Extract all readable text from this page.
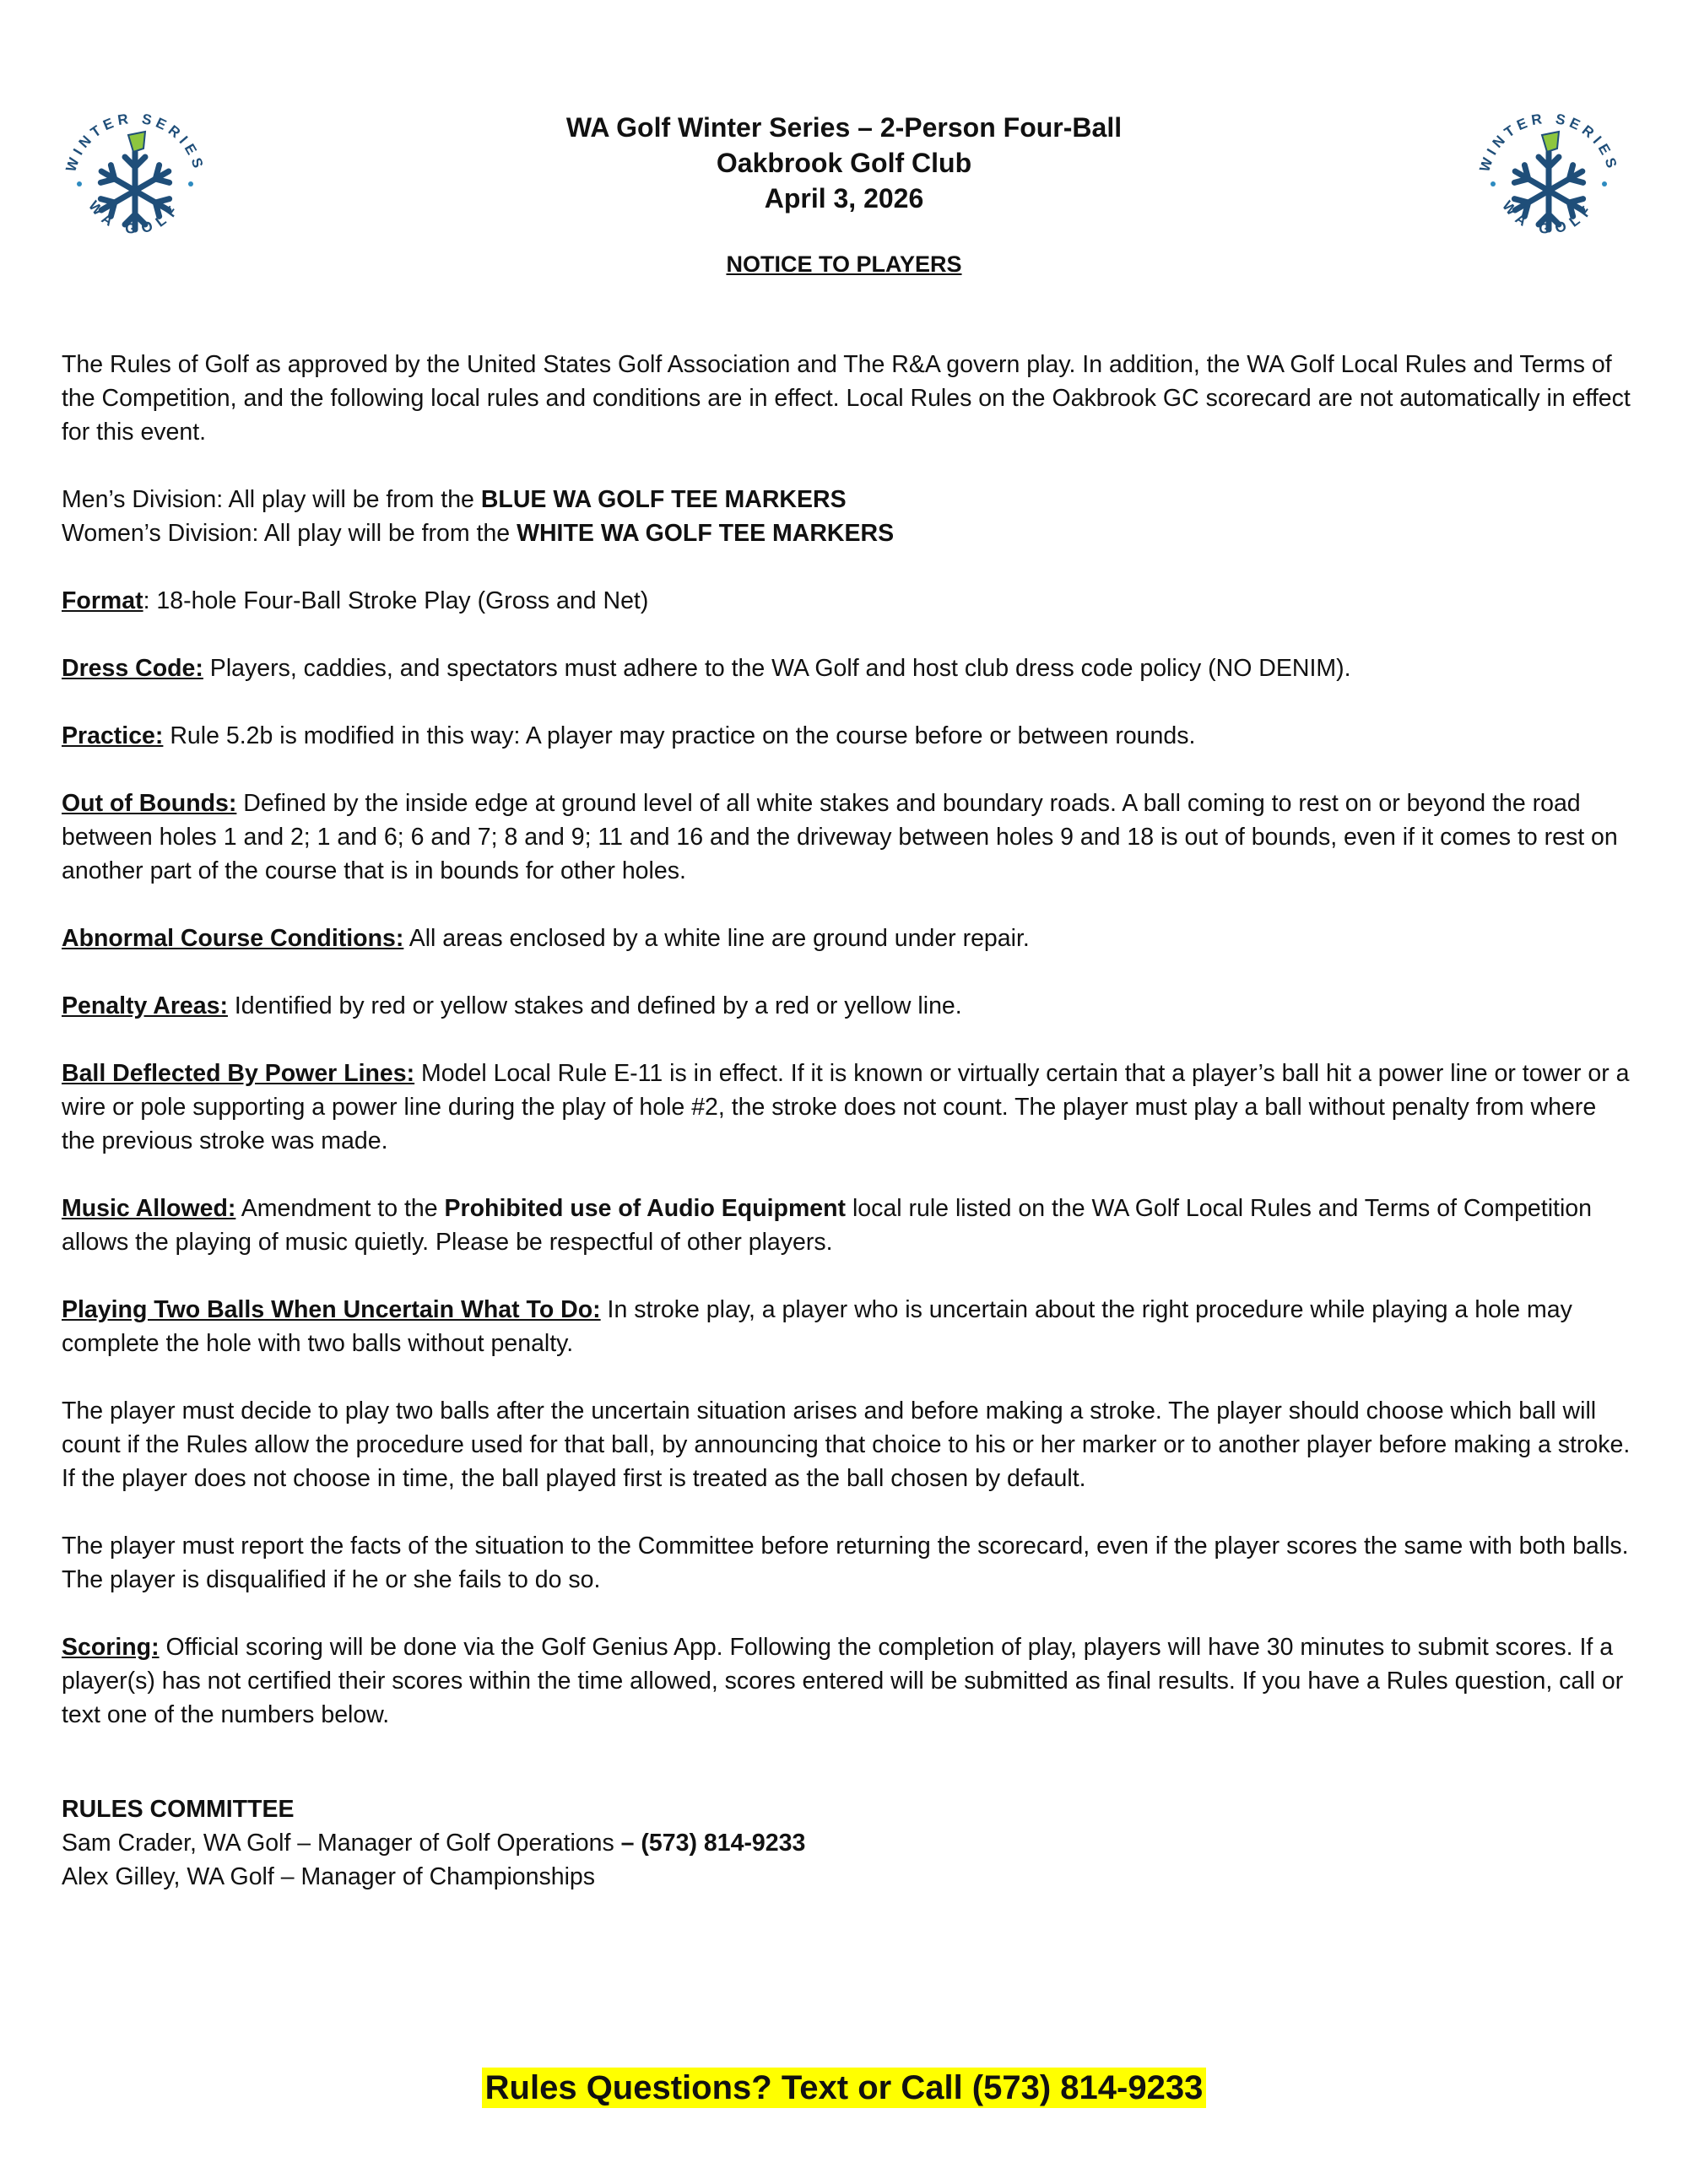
WINTER SERIES
WA GOLF
WINTER SERIES
WA GOLF
WA Golf Winter Series – 2-Person Four-Ball
Oakbrook Golf Club
April 3, 2026
NOTICE TO PLAYERS

The Rules of Golf as approved by the United States Golf Association and The R&A govern play. In addition, the WA Golf Local Rules and Terms of the Competition, and the following local rules and conditions are in effect. Local Rules on the Oakbrook GC scorecard are not automatically in effect for this event.

Men’s Division: All play will be from the BLUE WA GOLF TEE MARKERS
Women’s Division: All play will be from the WHITE WA GOLF TEE MARKERS

Format: 18-hole Four-Ball Stroke Play (Gross and Net)

Dress Code: Players, caddies, and spectators must adhere to the WA Golf and host club dress code policy (NO DENIM).

Practice: Rule 5.2b is modified in this way: A player may practice on the course before or between rounds.

Out of Bounds: Defined by the inside edge at ground level of all white stakes and boundary roads. A ball coming to rest on or beyond the road between holes 1 and 2; 1 and 6; 6 and 7; 8 and 9; 11 and 16 and the driveway between holes 9 and 18 is out of bounds, even if it comes to rest on another part of the course that is in bounds for other holes.

Abnormal Course Conditions: All areas enclosed by a white line are ground under repair.

Penalty Areas: Identified by red or yellow stakes and defined by a red or yellow line.

Ball Deflected By Power Lines: Model Local Rule E-11 is in effect. If it is known or virtually certain that a player’s ball hit a power line or tower or a wire or pole supporting a power line during the play of hole #2, the stroke does not count. The player must play a ball without penalty from where the previous stroke was made.

Music Allowed: Amendment to the Prohibited use of Audio Equipment local rule listed on the WA Golf Local Rules and Terms of Competition allows the playing of music quietly. Please be respectful of other players.

Playing Two Balls When Uncertain What To Do: In stroke play, a player who is uncertain about the right procedure while playing a hole may complete the hole with two balls without penalty.

The player must decide to play two balls after the uncertain situation arises and before making a stroke. The player should choose which ball will count if the Rules allow the procedure used for that ball, by announcing that choice to his or her marker or to another player before making a stroke. If the player does not choose in time, the ball played first is treated as the ball chosen by default.

The player must report the facts of the situation to the Committee before returning the scorecard, even if the player scores the same with both balls. The player is disqualified if he or she fails to do so.

Scoring: Official scoring will be done via the Golf Genius App. Following the completion of play, players will have 30 minutes to submit scores. If a player(s) has not certified their scores within the time allowed, scores entered will be submitted as final results. If you have a Rules question, call or text one of the numbers below.

RULES COMMITTEE
Sam Crader, WA Golf – Manager of Golf Operations – (573) 814-9233
Alex Gilley, WA Golf – Manager of Championships
Rules Questions? Text or Call (573) 814-9233
